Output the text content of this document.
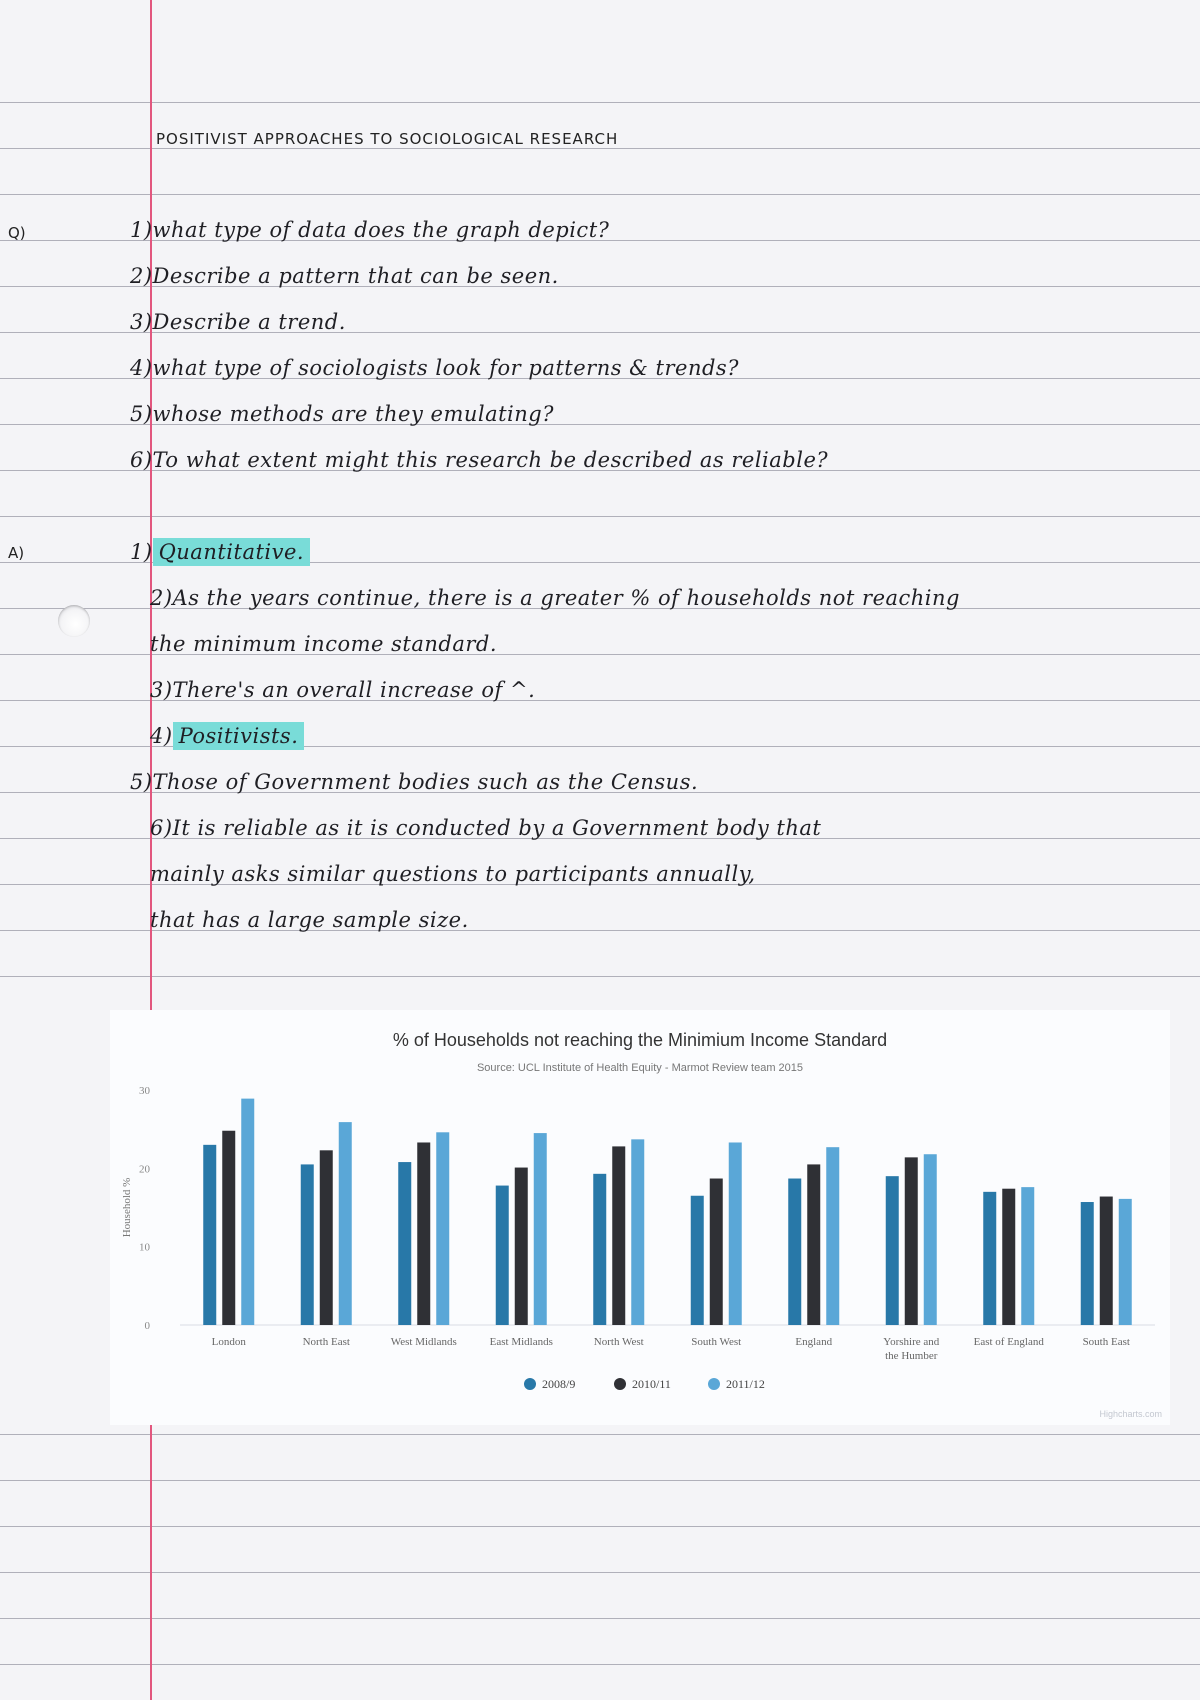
POSITIVIST APPROACHES TO SOCIOLOGICAL RESEARCH
Q)
A)
1)what type of data does the graph depict?
2)Describe a pattern that can be seen.
3)Describe a trend.
4)what type of sociologists look for patterns & trends?
5)whose methods are they emulating?
6)To what extent might this research be described as reliable?
1) Quantitative.
2)As the years continue, there is a greater % of households not reaching
the minimum income standard.
3)There's an overall increase of ^.
4) Positivists.
5)Those of Government bodies such as the Census.
6)It is reliable as it is conducted by a Government body that
mainly asks similar questions to participants annually,
that has a large sample size.
% of Households not reaching the Minimium Income Standard
Source: UCL Institute of Health Equity - Marmot Review team 2015
0
10
20
30
Household %
London	North East	West Midlands	East Midlands	North West	South West	England	Yorshire and
the Humber
East of England	South East
2008/9	2010/11	2011/12
Highcharts.com
